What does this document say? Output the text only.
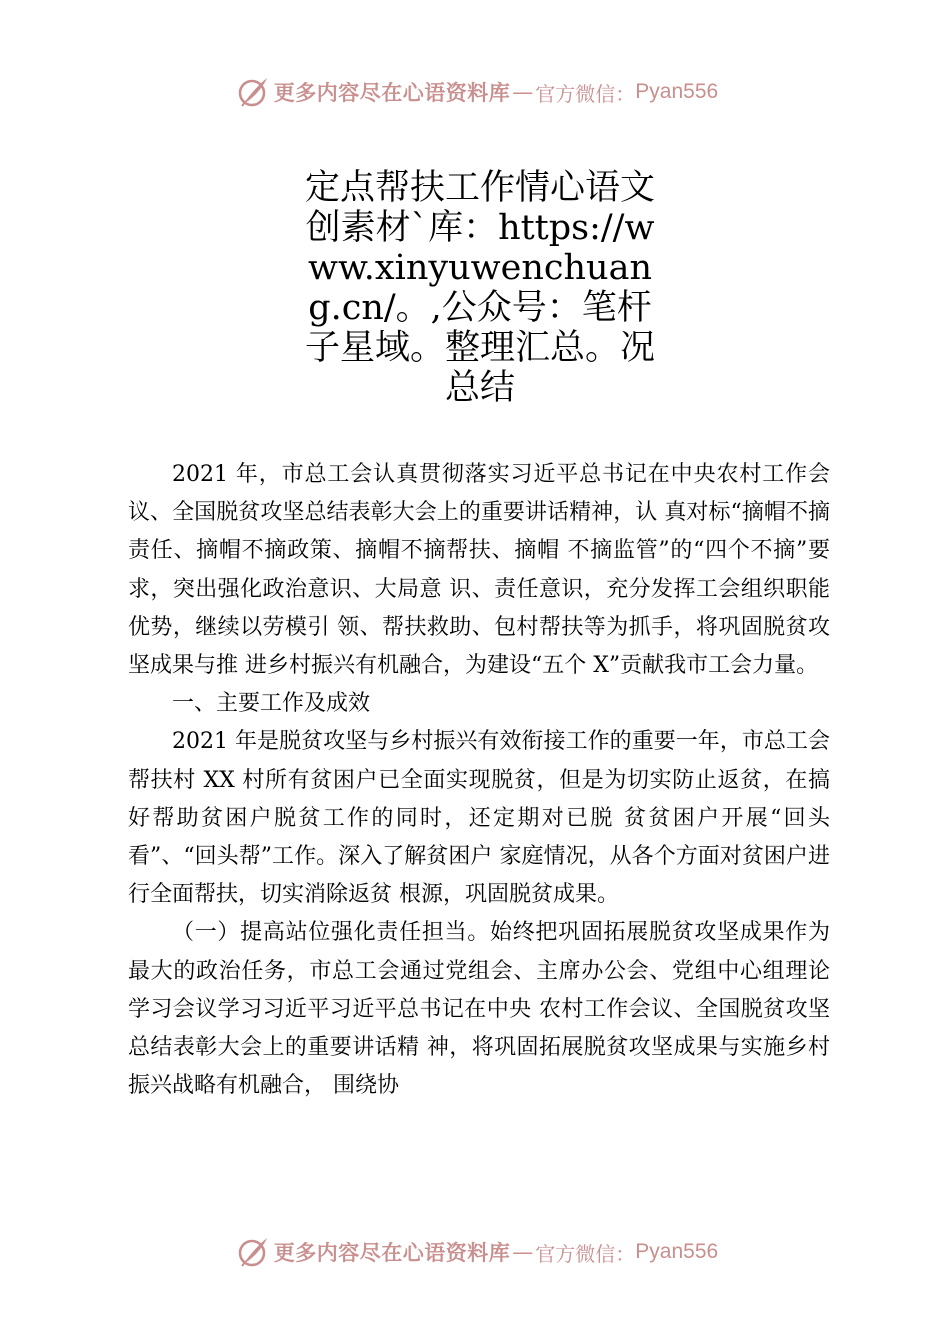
更多内容尽在心语资料库 — 官方微信： Pyan556
定点帮扶工作情心语文创素材`库：https://www.xinyuwenchuang.cn/。,公众号：笔杆子星域。整理汇总。况总结

2021 年，市总工会认真贯彻落实习近平总书记在中央农村工作会议、全国脱贫攻坚总结表彰大会上的重要讲话精神，认 真对标“摘帽不摘责任、摘帽不摘政策、摘帽不摘帮扶、摘帽 不摘监管”的“四个不摘”要求，突出强化政治意识、大局意 识、责任意识，充分发挥工会组织职能优势，继续以劳模引 领、帮扶救助、包村帮扶等为抓手，将巩固脱贫攻坚成果与推 进乡村振兴有机融合，为建设“五个 X”贡献我市工会力量。

一、主要工作及成效

2021 年是脱贫攻坚与乡村振兴有效衔接工作的重要一年，市总工会帮扶村 XX 村所有贫困户已全面实现脱贫，但是为切实防止返贫，在搞好帮助贫困户脱贫工作的同时，还定期对已脱 贫贫困户开展“回头看”、“回头帮”工作。深入了解贫困户 家庭情况，从各个方面对贫困户进行全面帮扶，切实消除返贫 根源，巩固脱贫成果。

（一）提高站位强化责任担当。始终把巩固拓展脱贫攻坚成果作为最大的政治任务，市总工会通过党组会、主席办公会、党组中心组理论学习会议学习习近平习近平总书记在中央 农村工作会议、全国脱贫攻坚总结表彰大会上的重要讲话精 神，将巩固拓展脱贫攻坚成果与实施乡村振兴战略有机融合， 围绕协

更多内容尽在心语资料库 — 官方微信： Pyan556
